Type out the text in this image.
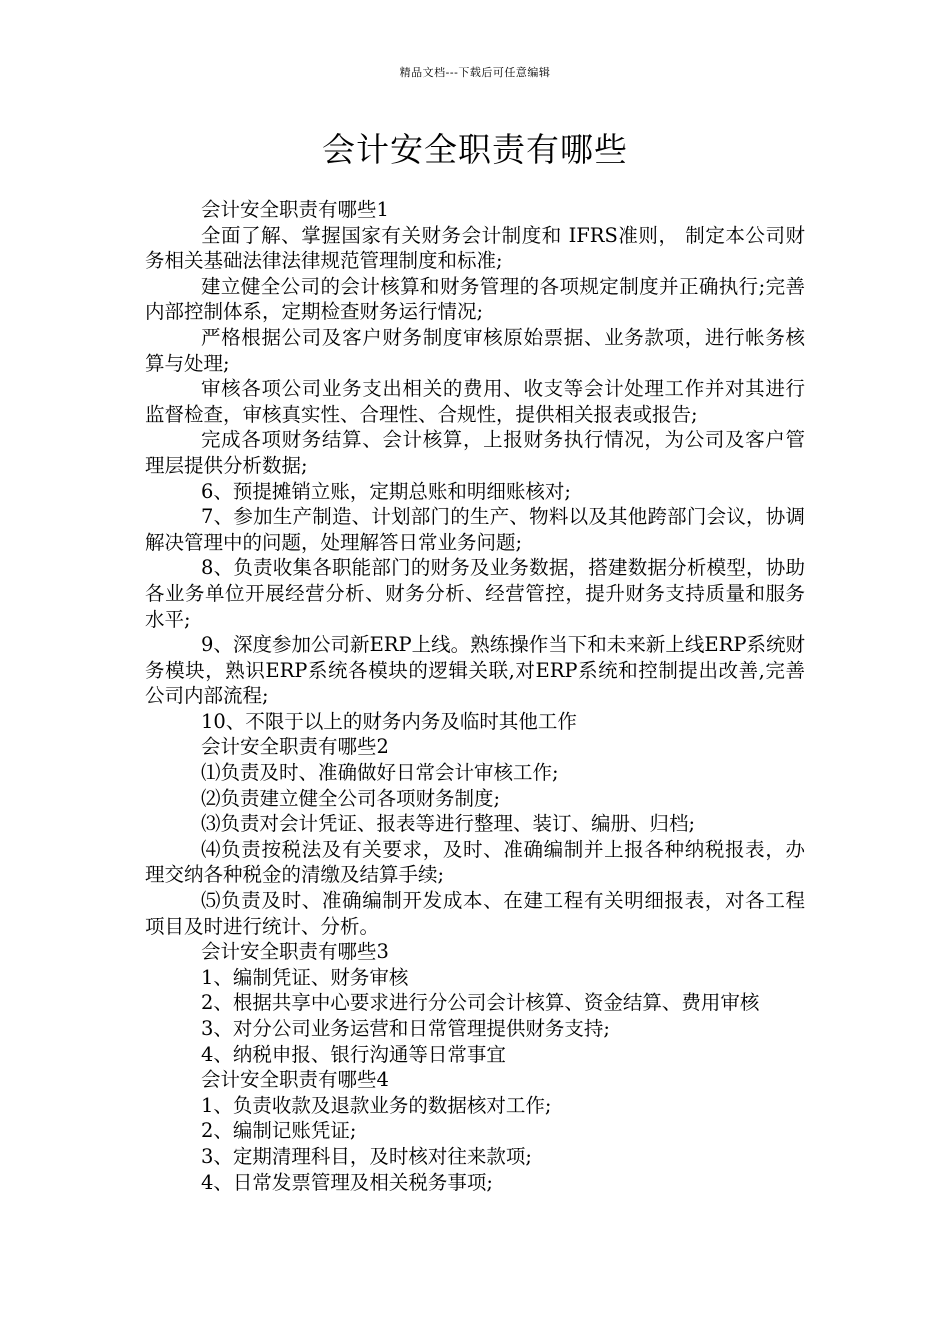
精品文档---下载后可任意编辑
会计安全职责有哪些

会计安全职责有哪些1

全面了解、掌握国家有关财务会计制度和 IFRS准则， 制定本公司财务相关基础法律法律规范管理制度和标准;

建立健全公司的会计核算和财务管理的各项规定制度并正确执行;完善内部控制体系，定期检查财务运行情况;

严格根据公司及客户财务制度审核原始票据、业务款项，进行帐务核算与处理;

审核各项公司业务支出相关的费用、收支等会计处理工作并对其进行监督检查，审核真实性、合理性、合规性，提供相关报表或报告;

完成各项财务结算、会计核算，上报财务执行情况，为公司及客户管理层提供分析数据;

6、预提摊销立账，定期总账和明细账核对;

7、参加生产制造、计划部门的生产、物料以及其他跨部门会议，协调解决管理中的问题，处理解答日常业务问题;

8、负责收集各职能部门的财务及业务数据，搭建数据分析模型，协助各业务单位开展经营分析、财务分析、经营管控，提升财务支持质量和服务水平;

9、深度参加公司新ERP上线。熟练操作当下和未来新上线ERP系统财务模块，熟识ERP系统各模块的逻辑关联,对ERP系统和控制提出改善,完善公司内部流程;

10、不限于以上的财务内务及临时其他工作

会计安全职责有哪些2

⑴负责及时、准确做好日常会计审核工作;

⑵负责建立健全公司各项财务制度;

⑶负责对会计凭证、报表等进行整理、装订、编册、归档;

⑷负责按税法及有关要求，及时、准确编制并上报各种纳税报表，办理交纳各种税金的清缴及结算手续;

⑸负责及时、准确编制开发成本、在建工程有关明细报表，对各工程项目及时进行统计、分析。

会计安全职责有哪些3

1、编制凭证、财务审核

2、根据共享中心要求进行分公司会计核算、资金结算、费用审核

3、对分公司业务运营和日常管理提供财务支持;

4、纳税申报、银行沟通等日常事宜

会计安全职责有哪些4

1、负责收款及退款业务的数据核对工作;

2、编制记账凭证;

3、定期清理科目，及时核对往来款项;

4、日常发票管理及相关税务事项;
